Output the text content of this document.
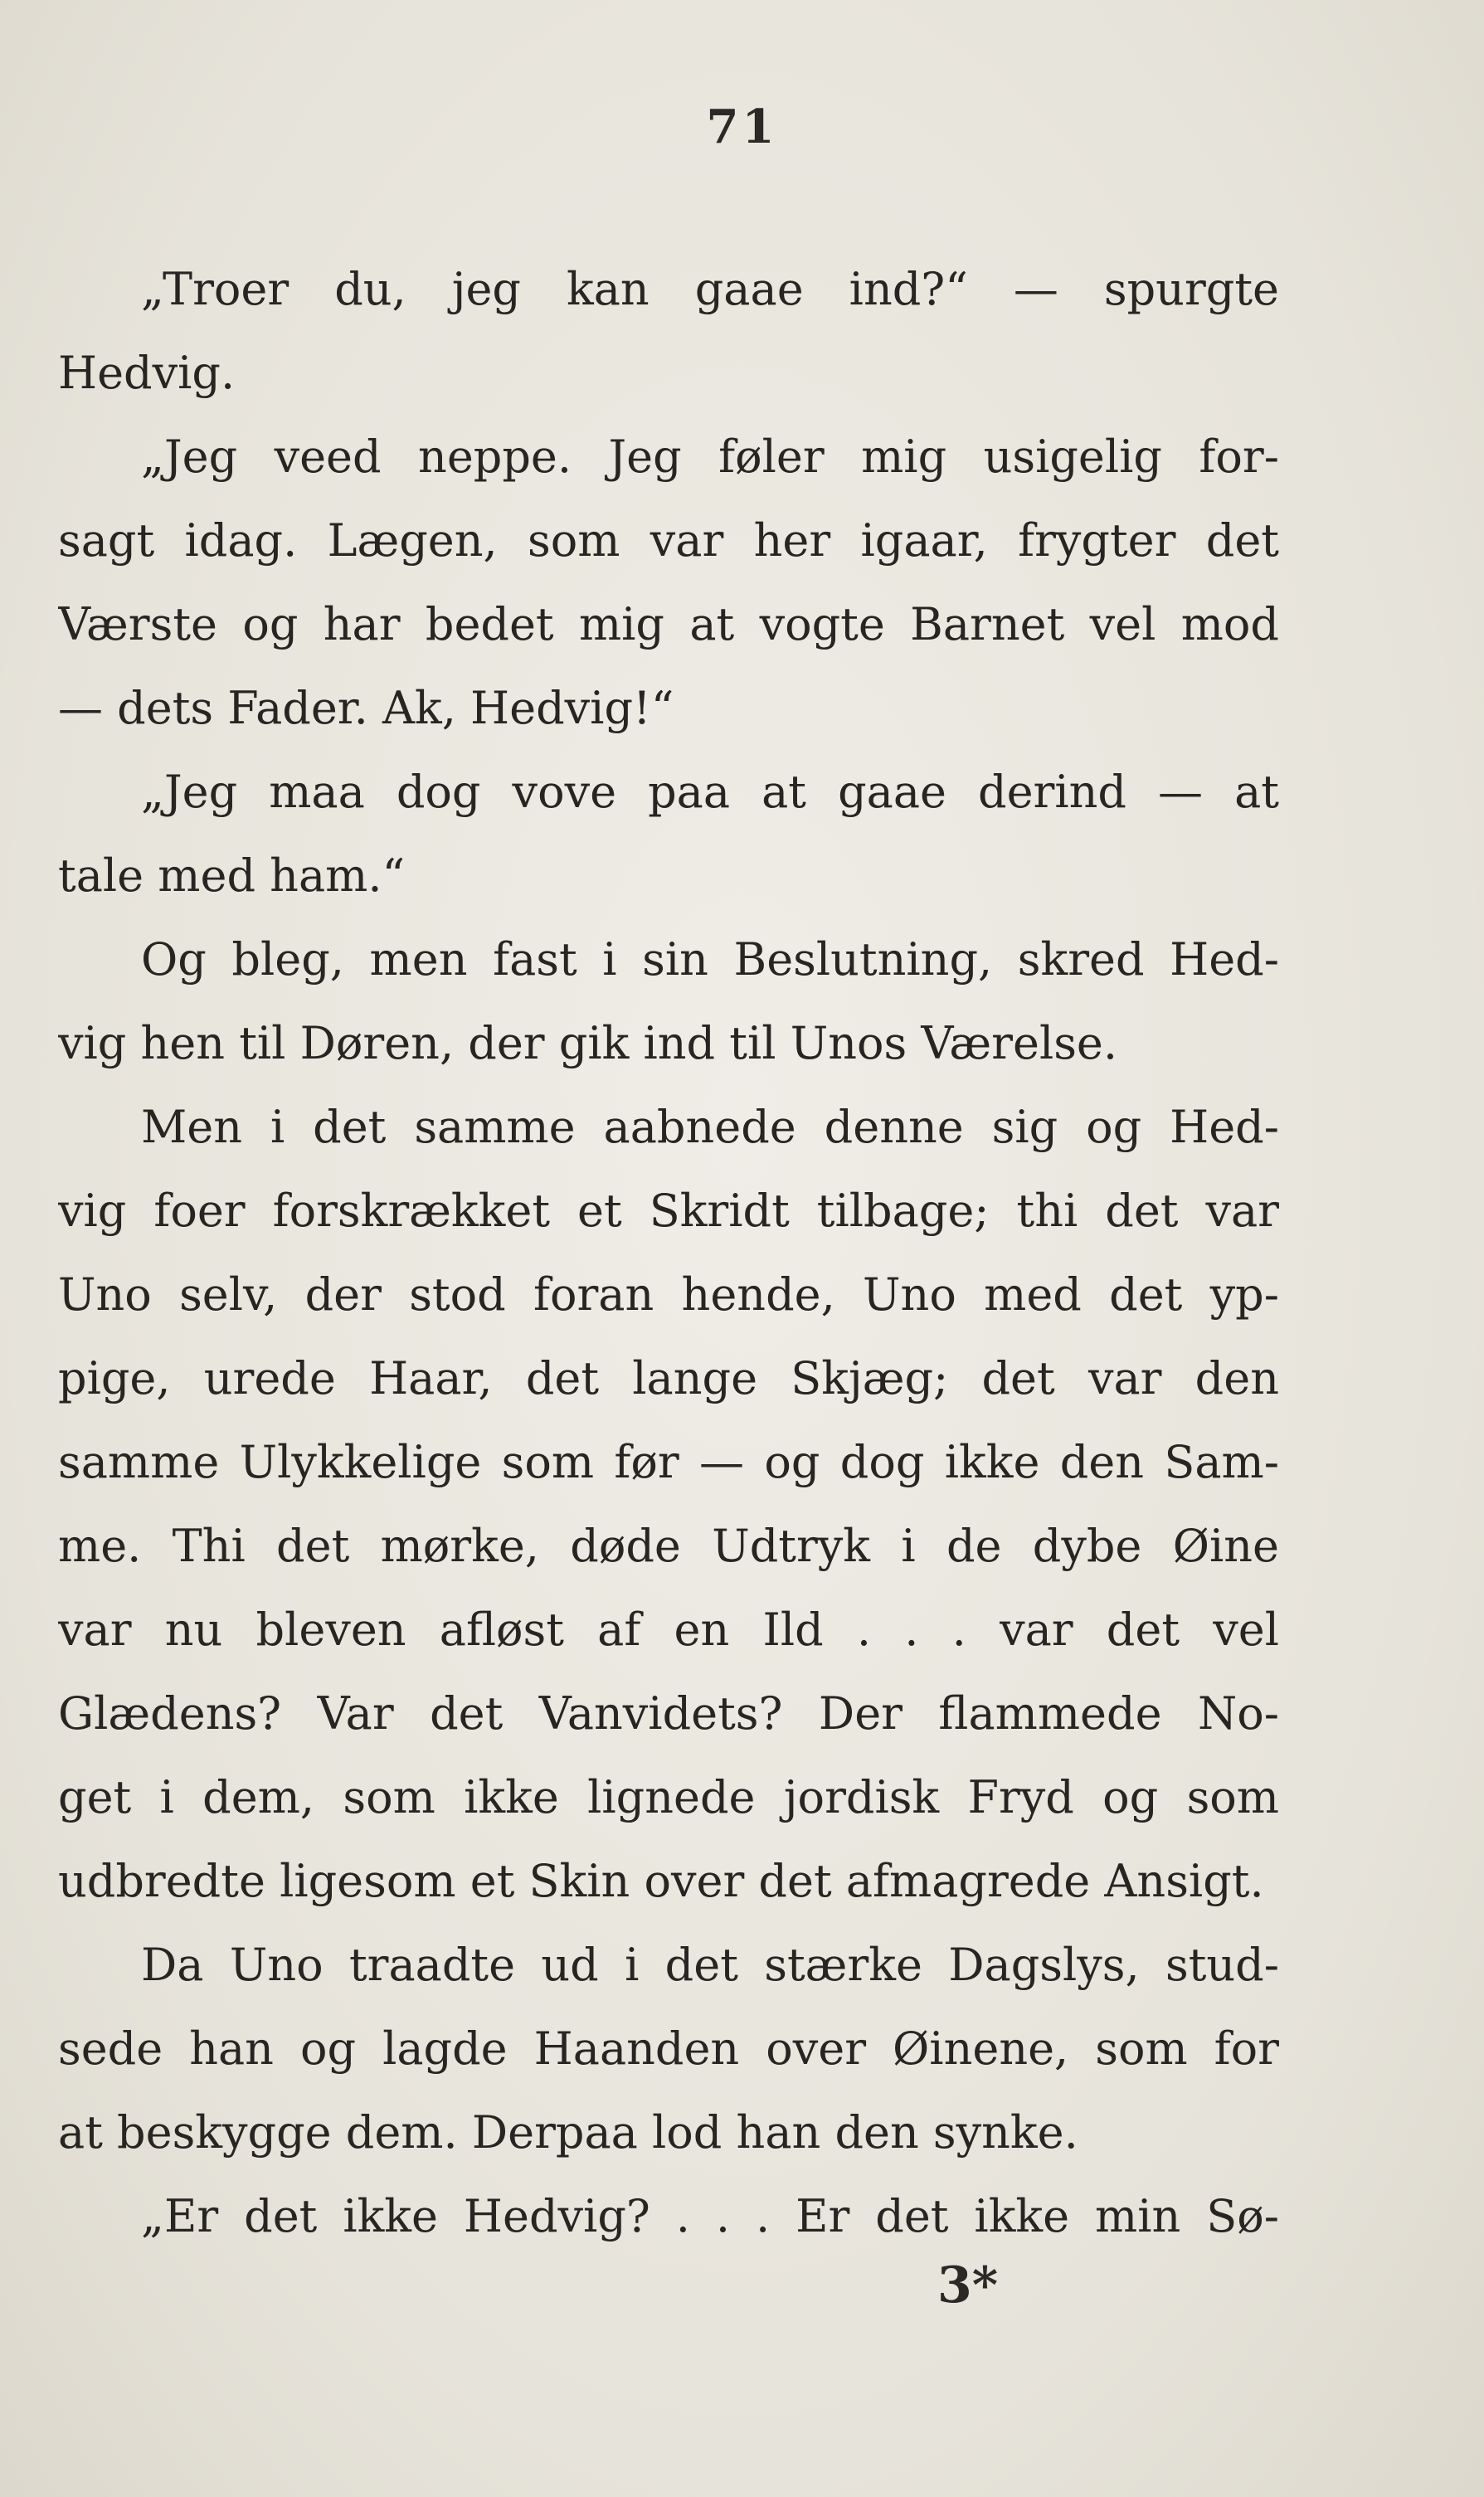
71
„Troer du, jeg kan gaae ind?“ — spurgte
Hedvig.
„Jeg veed neppe. Jeg føler mig usigelig for-
sagt idag. Lægen, som var her igaar, frygter det
Værste og har bedet mig at vogte Barnet vel mod
— dets Fader. Ak, Hedvig!“
„Jeg maa dog vove paa at gaae derind — at
tale med ham.“
Og bleg, men fast i sin Beslutning, skred Hed-
vig hen til Døren, der gik ind til Unos Værelse.
Men i det samme aabnede denne sig og Hed-
vig foer forskrækket et Skridt tilbage; thi det var
Uno selv, der stod foran hende, Uno med det yp-
pige, urede Haar, det lange Skjæg; det var den
samme Ulykkelige som før — og dog ikke den Sam-
me. Thi det mørke, døde Udtryk i de dybe Øine
var nu bleven afløst af en Ild . . . var det vel
Glædens? Var det Vanvidets? Der flammede No-
get i dem, som ikke lignede jordisk Fryd og som
udbredte ligesom et Skin over det afmagrede Ansigt.
Da Uno traadte ud i det stærke Dagslys, stud-
sede han og lagde Haanden over Øinene, som for
at beskygge dem. Derpaa lod han den synke.
„Er det ikke Hedvig? . . . Er det ikke min Sø-
3*
